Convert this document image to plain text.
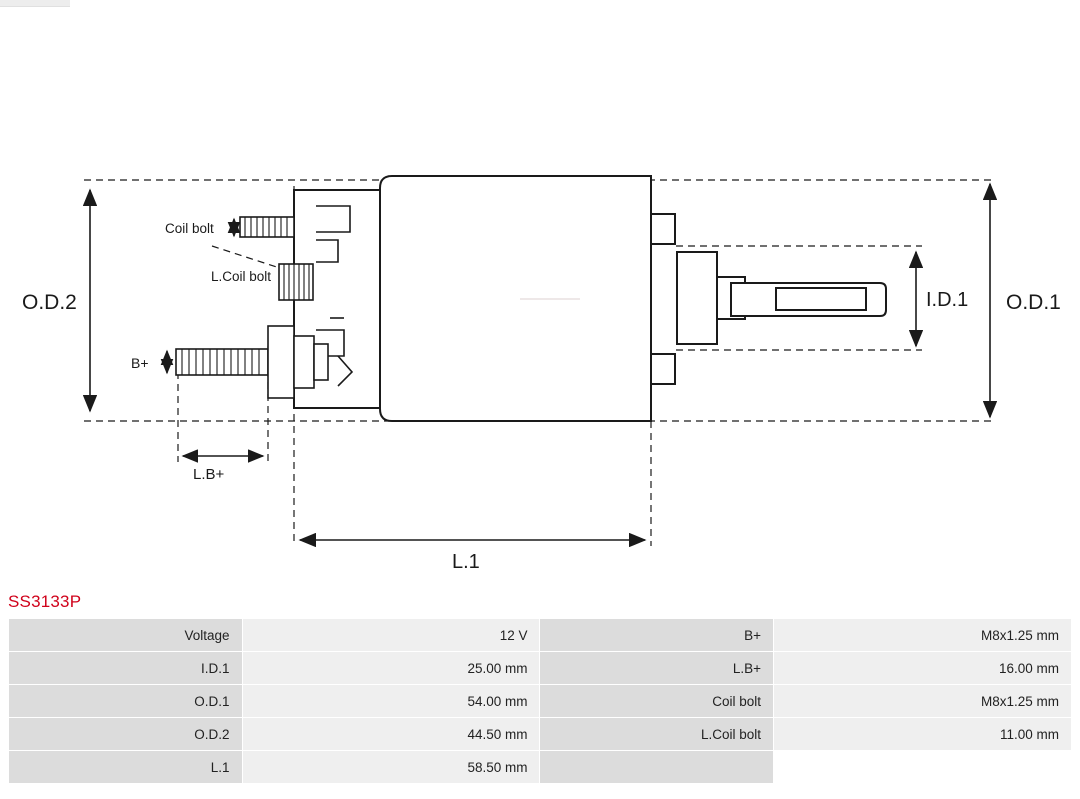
O.D.2	O.D.1
I.D.1
L.1
L.B+
Coil bolt
L.Coil bolt
B+
SS3133P
Voltage	12 V	B+	M8x1.25 mm
I.D.1	25.00 mm	L.B+	16.00 mm
O.D.1	54.00 mm	Coil bolt	M8x1.25 mm
O.D.2	44.50 mm	L.Coil bolt	11.00 mm
L.1	58.50 mm		
